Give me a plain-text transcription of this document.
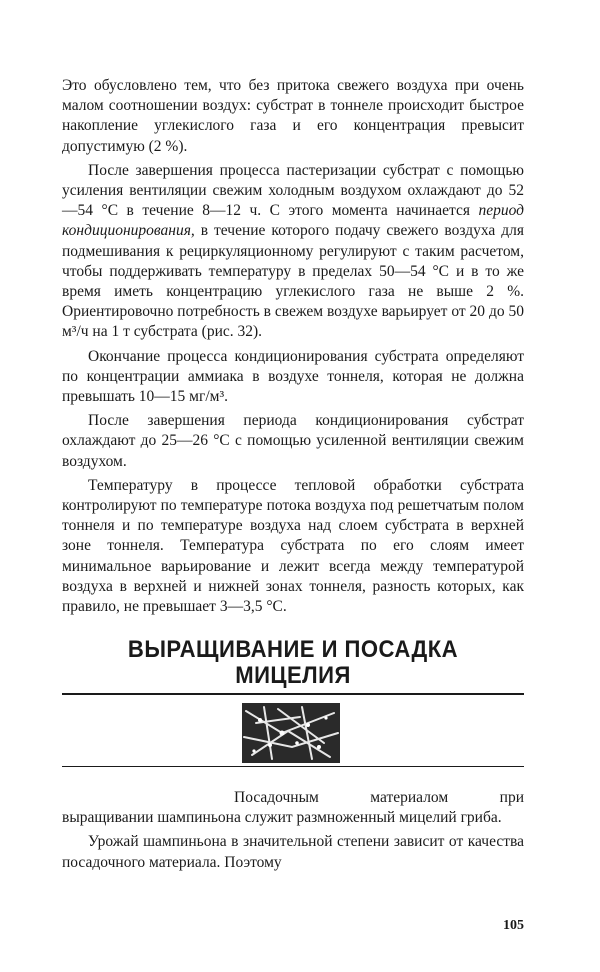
Это обусловлено тем, что без притока свежего воздуха при очень малом соотношении воздух: субстрат в тоннеле происходит быстрое накопление углекислого газа и его концентрация превысит допустимую (2 %).

После завершения процесса пастеризации субстрат с помощью усиления вентиляции свежим холодным воздухом охлаждают до 52—54 °С в течение 8—12 ч. С этого момента начинается период кондиционирования, в течение которого подачу свежего воздуха для подмешивания к рециркуляционному регулируют с таким расчетом, чтобы поддерживать температуру в пределах 50—54 °С и в то же время иметь концентрацию углекислого газа не выше 2 %. Ориентировочно потребность в свежем воздухе варьирует от 20 до 50 м³/ч на 1 т субстрата (рис. 32).

Окончание процесса кондиционирования субстрата определяют по концентрации аммиака в воздухе тоннеля, которая не должна превышать 10—15 мг/м³.

После завершения периода кондиционирования субстрат охлаждают до 25—26 °С с помощью усиленной вентиляции свежим воздухом.

Температуру в процессе тепловой обработки субстрата контролируют по температуре потока воздуха под решетчатым полом тоннеля и по температуре воздуха над слоем субстрата в верхней зоне тоннеля. Температура субстрата по его слоям имеет минимальное варьирование и лежит всегда между температурой воздуха в верхней и нижней зонах тоннеля, разность которых, как правило, не превышает 3—3,5 °С.

ВЫРАЩИВАНИЕ И ПОСАДКА
МИЦЕЛИЯ

Посадочным материалом при выращивании шампиньона служит размноженный мицелий гриба.

Урожай шампиньона в значительной степени зависит от качества посадочного материала. Поэтому

105
